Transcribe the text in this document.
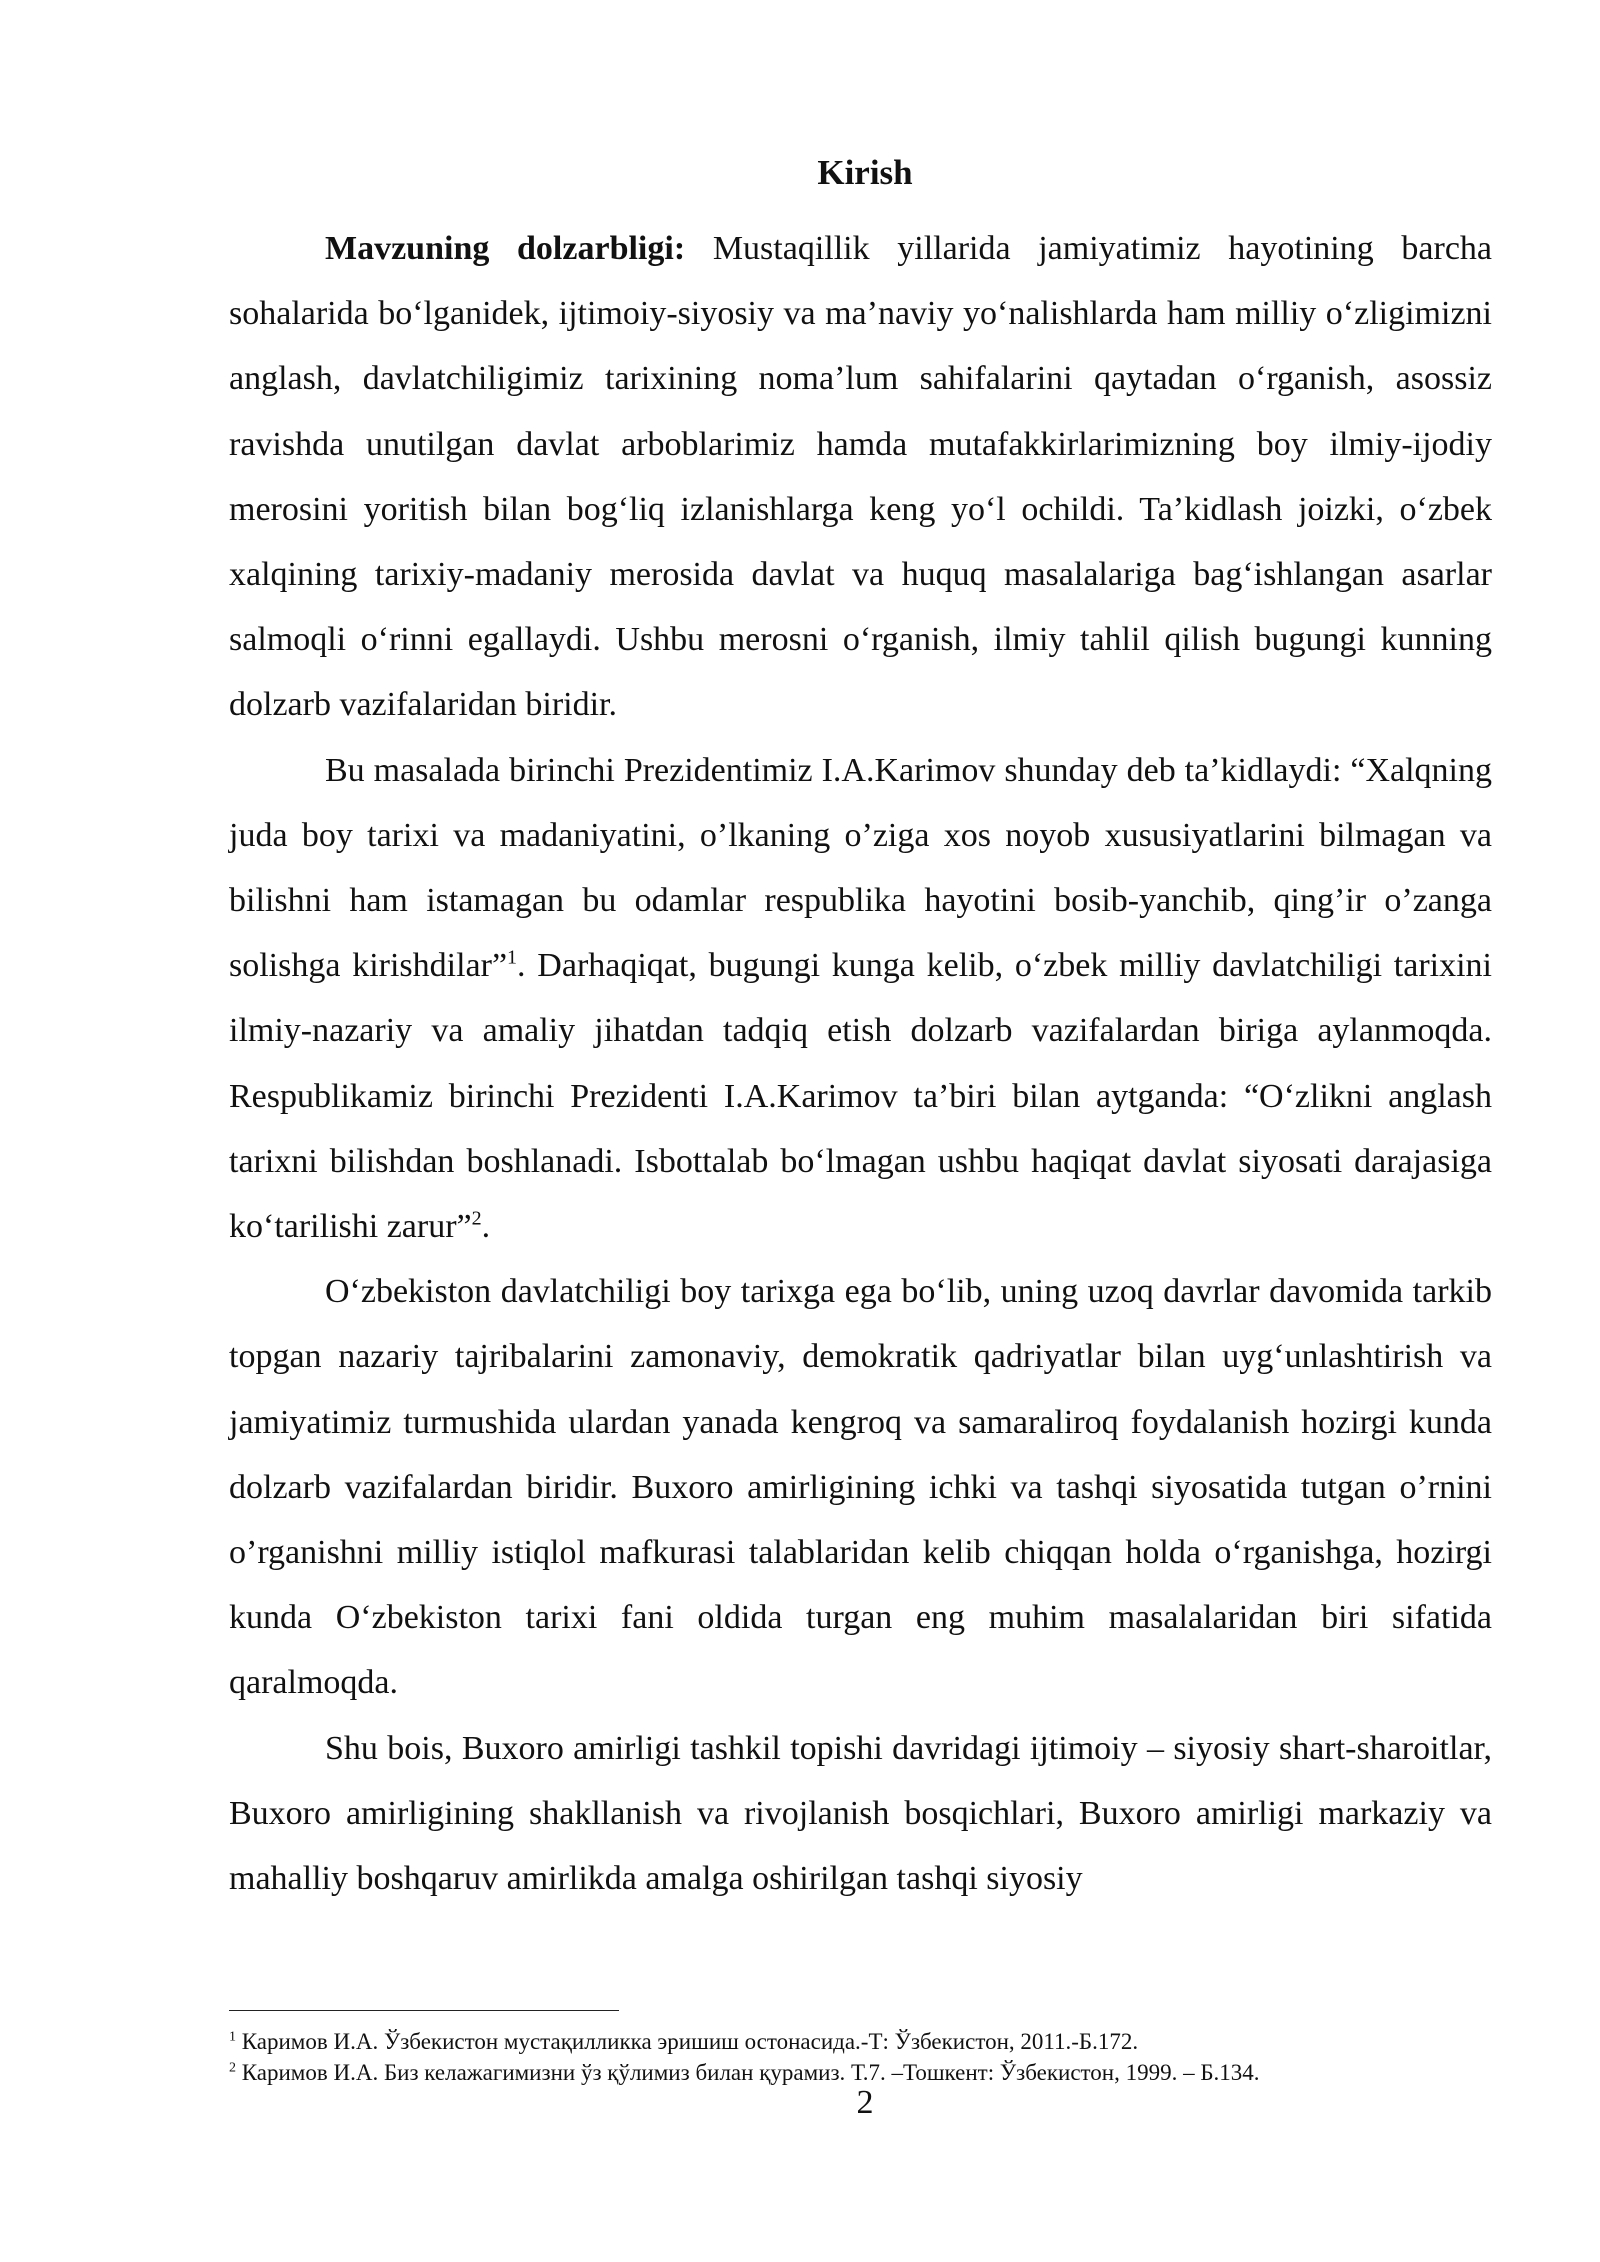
Kirish

Mavzuning dolzarbligi: Mustaqillik yillarida jamiyatimiz hayotining barcha sohalarida bo‘lganidek, ijtimoiy-siyosiy va ma’naviy yo‘nalishlarda ham milliy o‘zligimizni anglash, davlatchiligimiz tarixining noma’lum sahifalarini qaytadan o‘rganish, asossiz ravishda unutilgan davlat arboblarimiz hamda mutafakkirlarimizning boy ilmiy-ijodiy merosini yoritish bilan bog‘liq izlanishlarga keng yo‘l ochildi. Ta’kidlash joizki, o‘zbek xalqining tarixiy-madaniy merosida davlat va huquq masalalariga bag‘ishlangan asarlar salmoqli o‘rinni egallaydi. Ushbu merosni o‘rganish, ilmiy tahlil qilish bugungi kunning dolzarb vazifalaridan biridir.

Bu masalada birinchi Prezidentimiz I.A.Karimov shunday deb ta’kidlaydi: “Xalqning juda boy tarixi va madaniyatini, o’lkaning o’ziga xos noyob xususiyatlarini bilmagan va bilishni ham istamagan bu odamlar respublika hayotini bosib-yanchib, qing’ir o’zanga solishga kirishdilar”$^1$. Darhaqiqat, bugungi kunga kelib, o‘zbek milliy davlatchiligi tarixini ilmiy-nazariy va amaliy jihatdan tadqiq etish dolzarb vazifalardan biriga aylanmoqda. Respublikamiz birinchi Prezidenti I.A.Karimov ta’biri bilan aytganda: “O‘zlikni anglash tarixni bilishdan boshlanadi. Isbottalab bo‘lmagan ushbu haqiqat davlat siyosati darajasiga ko‘tarilishi zarur”$^2$.

O‘zbekiston davlatchiligi boy tarixga ega bo‘lib, uning uzoq davrlar davomida tarkib topgan nazariy tajribalarini zamonaviy, demokratik qadriyatlar bilan uyg‘unlashtirish va jamiyatimiz turmushida ulardan yanada kengroq va samaraliroq foydalanish hozirgi kunda dolzarb vazifalardan biridir. Buxoro amirligining ichki va tashqi siyosatida tutgan o’rnini o’rganishni milliy istiqlol mafkurasi talablaridan kelib chiqqan holda o‘rganishga, hozirgi kunda O‘zbekiston tarixi fani oldida turgan eng muhim masalalaridan biri sifatida qaralmoqda.

Shu bois, Buxoro amirligi tashkil topishi davridagi ijtimoiy – siyosiy shart-sharoitlar, Buxoro amirligining shakllanish va rivojlanish bosqichlari, Buxoro amirligi markaziy va mahalliy boshqaruv amirlikda amalga oshirilgan tashqi siyosiy

$^1$ Каримов И.А. Ўзбекистон мустақилликка эришиш остонасида.-Т: Ўзбекистон, 2011.-Б.172.

$^2$ Каримов И.А. Биз келажагимизни ўз қўлимиз билан қурамиз. Т.7. –Тошкент: Ўзбекистон, 1999. – Б.134.

2
